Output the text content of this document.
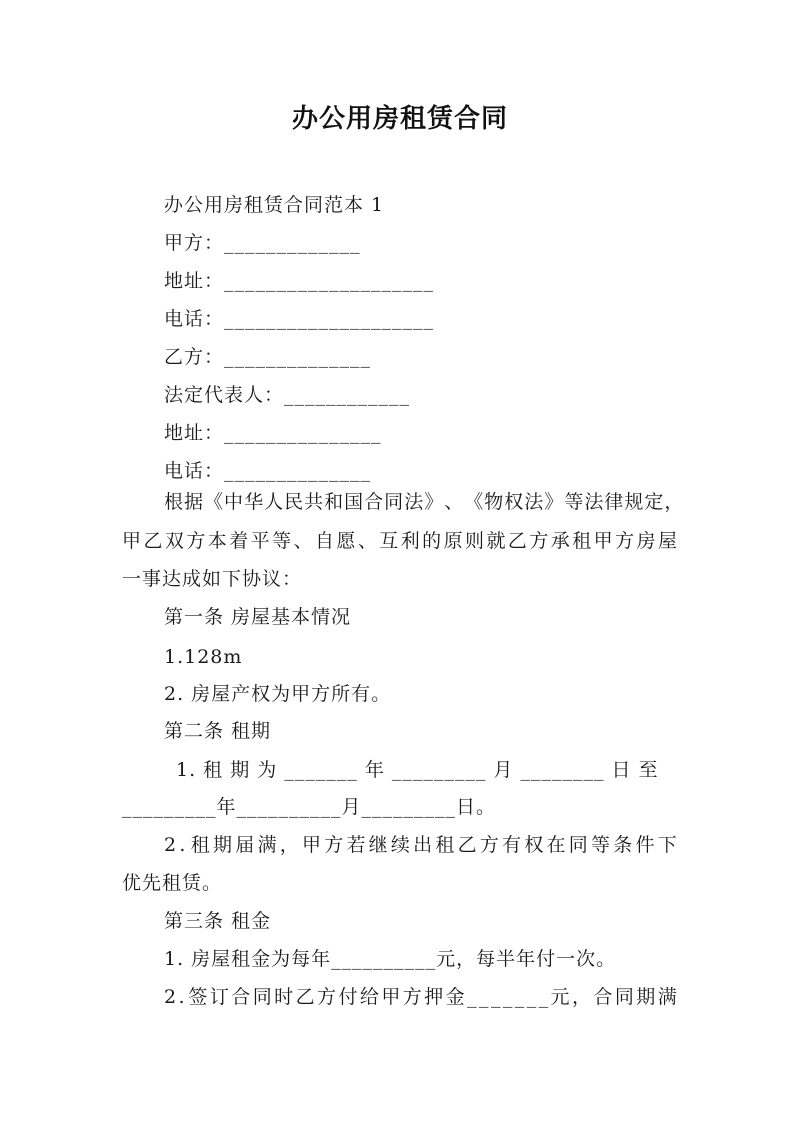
办公用房租赁合同
办公用房租赁合同范本 1
甲方：_____________
地址：____________________
电话：____________________
乙方：______________
法定代表人：____________
地址：_______________
电话：______________
根 据 《 中 华 人 民 共 和 国 合 同 法 》 、 《 物 权 法 》 等 法 律 规 定 ，
甲 乙 双 方 本 着 平 等 、 自 愿 、 互 利 的 原 则 就 乙 方 承 租 甲 方 房 屋
一事达成如下协议：
第一条 房屋基本情况
1.128m
2. 房屋产权为甲方所有。
第二条 租期
1. 租 期 为 _______ 年 _________ 月 ________ 日 至
_________年__________月_________日。
2 . 租 期 届 满 ， 甲 方 若 继 续 出 租 乙 方 有 权 在 同 等 条 件 下
优先租赁。
第三条 租金
1. 房屋租金为每年__________元，每半年付一次。
2 . 签 订 合 同 时 乙 方 付 给 甲 方 押 金 _ _ _ _ _ _ _ 元 ， 合 同 期 满
